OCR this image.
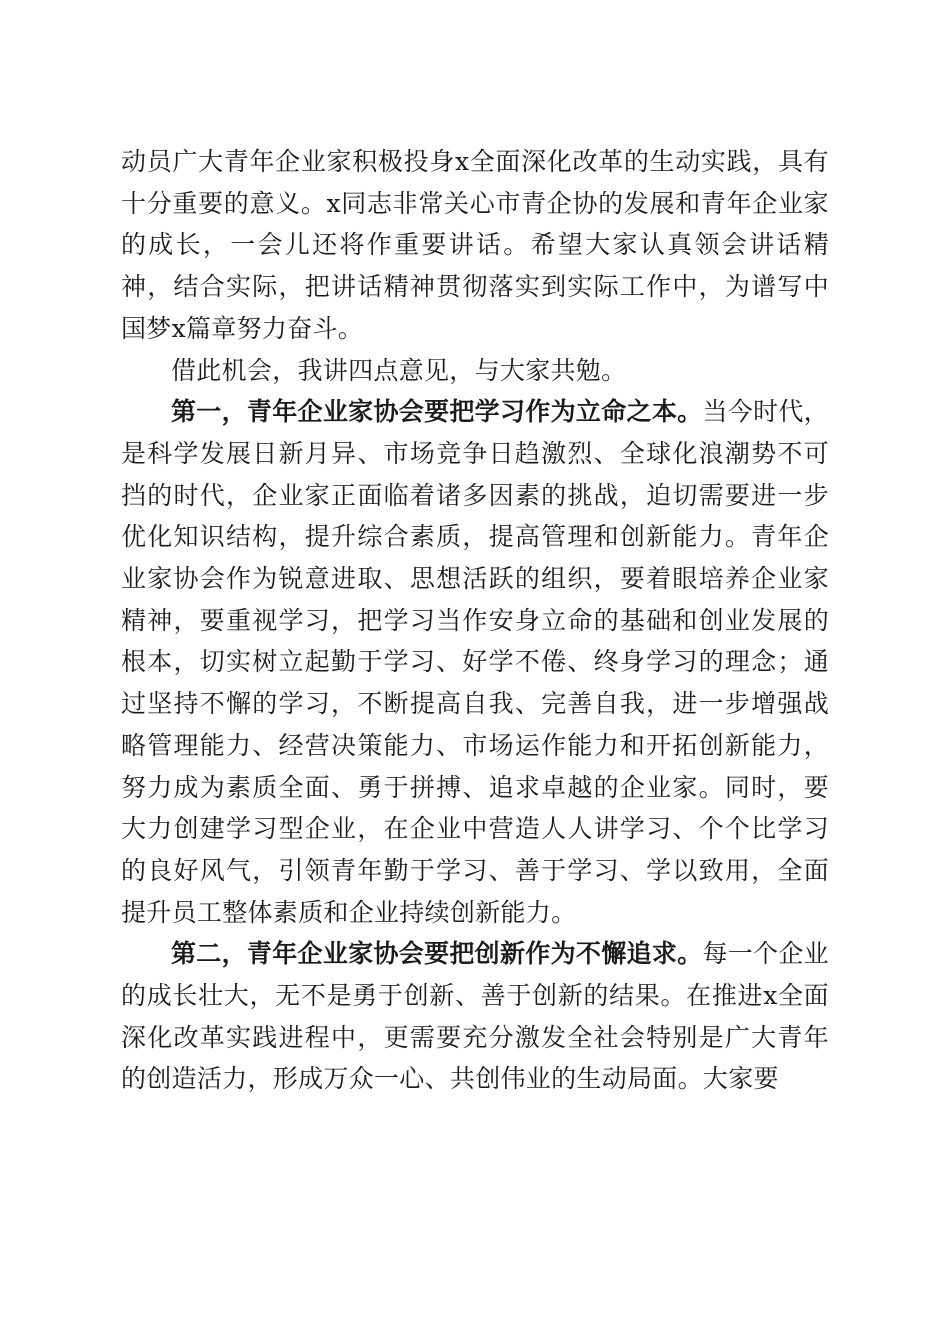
动员广大青年企业家积极投身x全面深化改革的生动实践，具有十分重要的意义。x同志非常关心市青企协的发展和青年企业家的成长，一会儿还将作重要讲话。希望大家认真领会讲话精神，结合实际，把讲话精神贯彻落实到实际工作中，为谱写中国梦x篇章努力奋斗。

借此机会，我讲四点意见，与大家共勉。

第一，青年企业家协会要把学习作为立命之本。当今时代，是科学发展日新月异、市场竞争日趋激烈、全球化浪潮势不可挡的时代，企业家正面临着诸多因素的挑战，迫切需要进一步优化知识结构，提升综合素质，提高管理和创新能力。青年企业家协会作为锐意进取、思想活跃的组织，要着眼培养企业家精神，要重视学习，把学习当作安身立命的基础和创业发展的根本，切实树立起勤于学习、好学不倦、终身学习的理念；通过坚持不懈的学习，不断提高自我、完善自我，进一步增强战略管理能力、经营决策能力、市场运作能力和开拓创新能力，努力成为素质全面、勇于拼搏、追求卓越的企业家。同时，要大力创建学习型企业，在企业中营造人人讲学习、个个比学习的良好风气，引领青年勤于学习、善于学习、学以致用，全面提升员工整体素质和企业持续创新能力。

第二，青年企业家协会要把创新作为不懈追求。每一个企业的成长壮大，无不是勇于创新、善于创新的结果。在推进x全面深化改革实践进程中，更需要充分激发全社会特别是广大青年的创造活力，形成万众一心、共创伟业的生动局面。大家要
